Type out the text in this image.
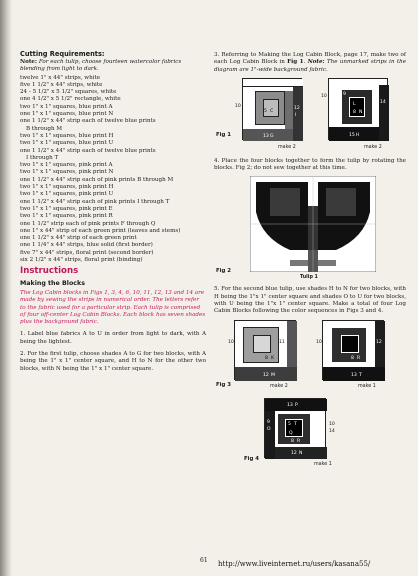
Cutting Requirements:
Note: For each tulip, choose fourteen watercolor fabrics blending from light to dark.
twelve 1" x 44" strips, white
five 1 1/2" x 44" strips, white
24 - 5 1/2" x 5 1/2" squares, white
one 4 1/2" x 5 1/2" rectangle, white
two 1" x 1" squares, blue print A
one 1" x 1" squares, blue print N
one 1 1/2" x 44" strip each of twelve blue prints
B through M
two 1" x 1" squares, blue print H
two 1" x 1" squares, blue print U
one 1 1/2" x 44" strip each of twelve blue prints
I through T
two 1" x 1" squares, pink print A
two 1" x 1" squares, pink print N
one 1 1/2" x 44" strip each of pink prints B through M
two 1" x 1" squares, pink print H
two 1" x 1" squares, pink print U
one 1 1/2" x 44" strip each of pink prints I through T
two 1" x 1" squares, pink print E
two 1" x 1" squares, pink print R
one 1 1/2" strip each of pink prints F through Q
one 1" x 44" strip of each green print (leaves and stems)
one 1 1/2" x 44" strip of each green print
one 1 1/4" x 44" strips, blue solid (first border)
five 7" x 44" strips, floral print (second border)
six 2 1/2" x 44" strips, floral print (binding)
Instructions
Making the Blocks
The Log Cabin blocks in Figs 1, 3, 4, 6, 10, 11, 12, 13 and 14 are made by sewing the strips in numerical order. The letters refer to the fabric used for a particular strip. Each tulip is comprised of four off-center Log Cabin Blocks. Each block has seven shades plus the background fabric.
1. Label blue fabrics A to U in order from light to dark, with A being the lightest.
2. For the first tulip, choose shades A to G for two blocks, with A being the 1" x 1" center square, and H to N for the other two blocks, with N being the 1" x 1" center square.
3. Referring to Making the Log Cabin Block, page 17, make two of each Log Cabin Block in Fig 1. Note: The unmarked strips in the diagram are 1"-wide background fabric.
10	12
I
13 G
5 C
10
14
9
L
8 N
15 H
Fig 1
make 2	make 2
4. Place the four blocks together to form the tulip by rotating the blocks. Fig 2; do not sew together at this time.
Fig 2
Tulip 1
5. For the second blue tulip, use shades H to N for two blocks, with H being the 1"x 1" center square and shades O to U for two blocks, with U being the 1"x 1" center square. Make a total of four Log Cabin Blocks following the color sequences in Figs 3 and 4.
10	11
8 K
12 M
10	12
11
8 R
13 T
Fig 3	make 2	make 1
13 P
9
O
5 T	10
14
Q
8 R
12 N
Fig 4
make 1
61 http://www.liveinternet.ru/users/kasana55/
